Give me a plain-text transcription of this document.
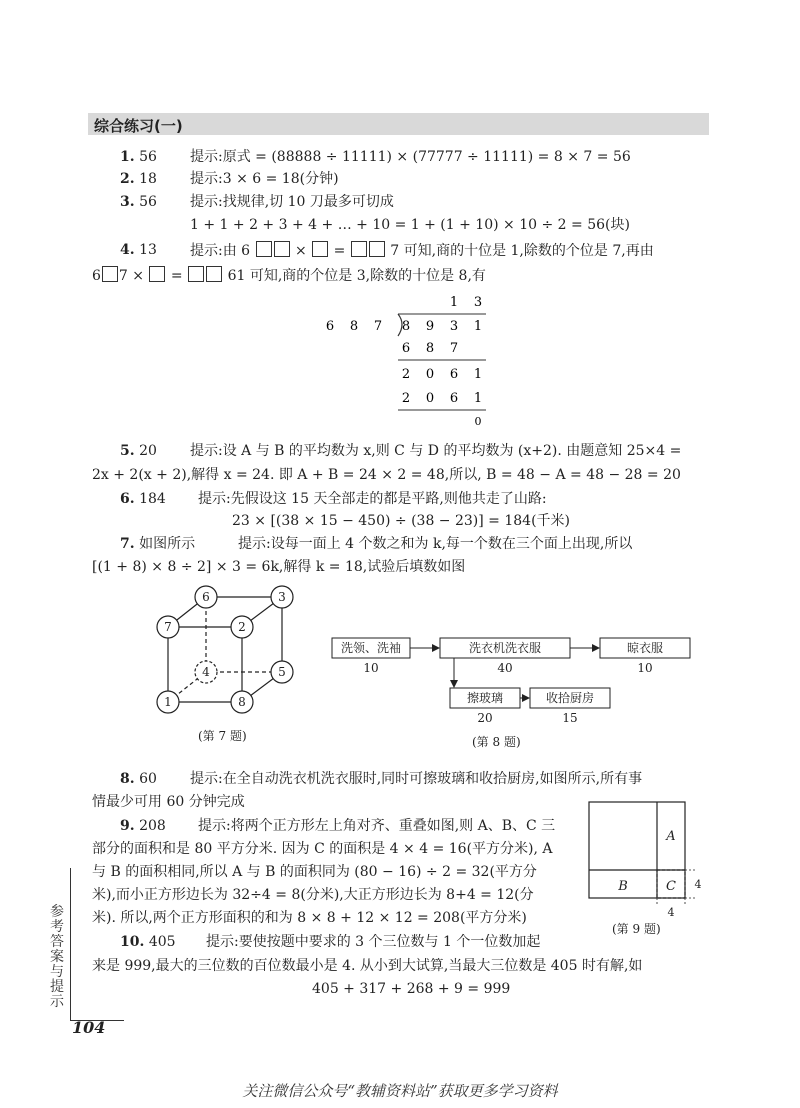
综合练习(一)
1. 56 提示:原式 = (88888 ÷ 11111) × (77777 ÷ 11111) = 8 × 7 = 56
2. 18 提示:3 × 6 = 18(分钟)
3. 56 提示:找规律,切 10 刀最多可切成
1 + 1 + 2 + 3 + 4 + … + 10 = 1 + (1 + 10) × 10 ÷ 2 = 56(块)
4. 13 提示:由 6	× =	7 可知,商的十位是 1,除数的个位是 7,再由
6 7 × =	61 可知,商的个位是 3,除数的十位是 8,有
1 3
6 8 7 8 9 3 1
6 8 7
2 0 6 1
2 0 6 1
0
5. 20 提示:设 A 与 B 的平均数为 x,则 C 与 D 的平均数为 (x+2). 由题意知 25×4 =
2x + 2(x + 2),解得 x = 24. 即 A + B = 24 × 2 = 48,所以, B = 48 − A = 48 − 28 = 20
6. 184 提示:先假设这 15 天全部走的都是平路,则他共走了山路:
23 × [(38 × 15 − 450) ÷ (38 − 23)] = 184(千米)
7. 如图所示	提示:设每一面上 4 个数之和为 k,每一个数在三个面上出现,所以
[(1 + 8) × 8 ÷ 2] × 3 = 6k,解得 k = 18,试验后填数如图
6	3
7	2
4	5
1	8
(第 7 题)
洗领、洗袖
10
洗衣机洗衣服
40
晾衣服
10
擦玻璃
20
收拾厨房
15
(第 8 题)
8. 60 提示:在全自动洗衣机洗衣服时,同时可擦玻璃和收拾厨房,如图所示,所有事
情最少可用 60 分钟完成
9. 208 提示:将两个正方形左上角对齐、重叠如图,则 A、B、C 三
部分的面积和是 80 平方分米. 因为 C 的面积是 4 × 4 = 16(平方分米), A
与 B 的面积相同,所以 A 与 B 的面积同为 (80 − 16) ÷ 2 = 32(平方分
米),而小正方形边长为 32÷4 = 8(分米),大正方形边长为 8+4 = 12(分
米). 所以,两个正方形面积的和为 8 × 8 + 12 × 12 = 208(平方分米)
A
B	C 4
4
(第 9 题)
10. 405 提示:要使按题中要求的 3 个三位数与 1 个一位数加起
来是 999,最大的三位数的百位数最小是 4. 从小到大试算,当最大三位数是 405 时有解,如
405 + 317 + 268 + 9 = 999
参考答案与提示
104
关注微信公众号“教辅资料站”获取更多学习资料
